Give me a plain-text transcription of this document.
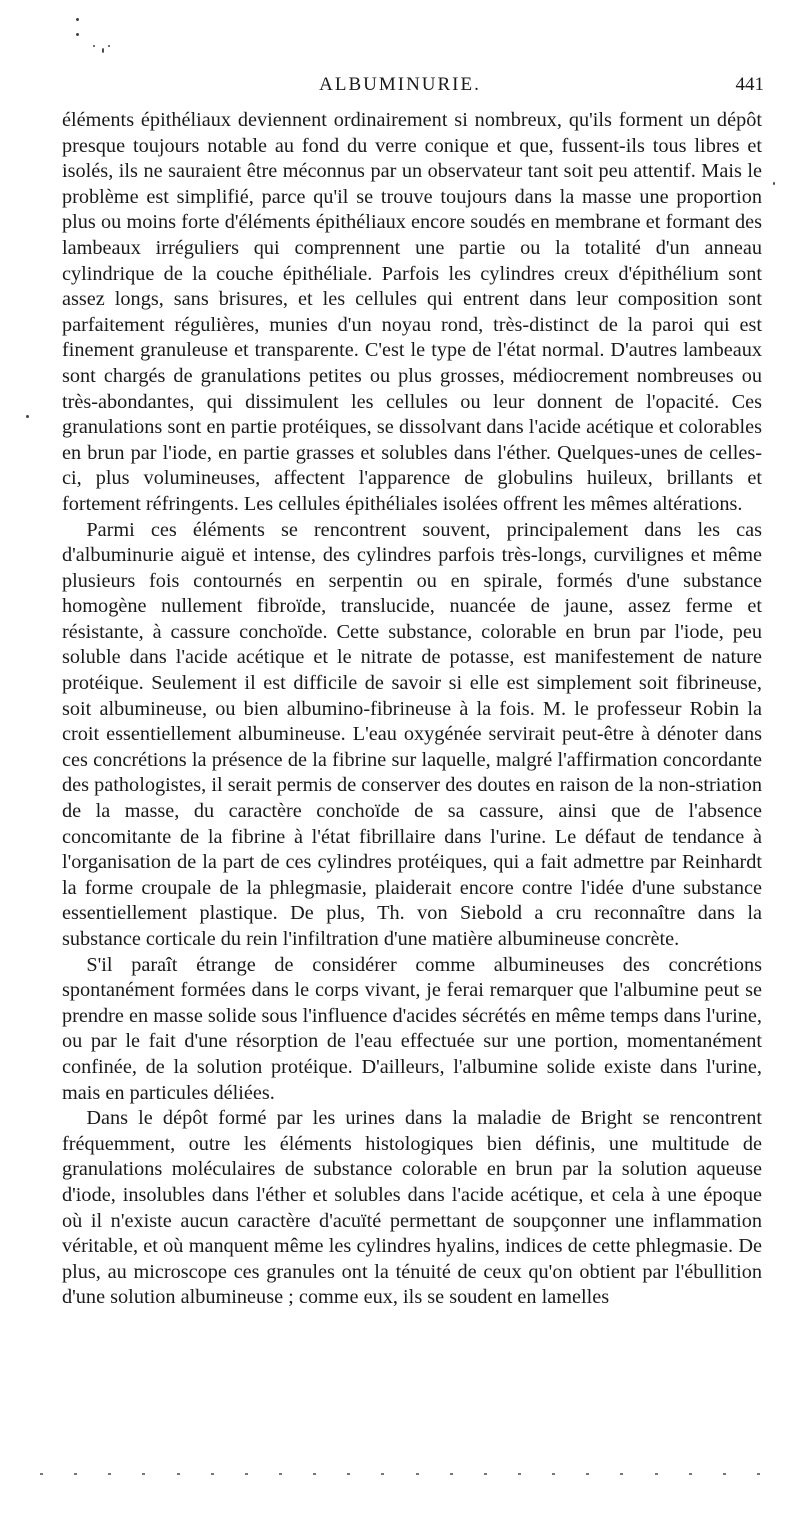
ALBUMINURIE.	441

éléments épithéliaux deviennent ordinairement si nombreux, qu'ils forment un dépôt presque toujours notable au fond du verre conique et que, fussent-ils tous libres et isolés, ils ne sauraient être méconnus par un observateur tant soit peu attentif. Mais le problème est simplifié, parce qu'il se trouve toujours dans la masse une proportion plus ou moins forte d'éléments épithéliaux encore soudés en membrane et formant des lambeaux irréguliers qui comprennent une partie ou la totalité d'un anneau cylindrique de la couche épithéliale. Parfois les cylindres creux d'épithélium sont assez longs, sans brisures, et les cellules qui entrent dans leur composition sont parfaitement régulières, munies d'un noyau rond, très-distinct de la paroi qui est finement granuleuse et transparente. C'est le type de l'état normal. D'autres lambeaux sont chargés de granulations petites ou plus grosses, médiocrement nombreuses ou très-abondantes, qui dissimulent les cellules ou leur donnent de l'opacité. Ces granulations sont en partie protéiques, se dissolvant dans l'acide acétique et colorables en brun par l'iode, en partie grasses et solubles dans l'éther. Quelques-unes de celles-ci, plus volumineuses, affectent l'apparence de globulins huileux, brillants et fortement réfringents. Les cellules épithéliales isolées offrent les mêmes altérations.

Parmi ces éléments se rencontrent souvent, principalement dans les cas d'albuminurie aiguë et intense, des cylindres parfois très-longs, curvilignes et même plusieurs fois contournés en serpentin ou en spirale, formés d'une substance homogène nullement fibroïde, translucide, nuancée de jaune, assez ferme et résistante, à cassure conchoïde. Cette substance, colorable en brun par l'iode, peu soluble dans l'acide acétique et le nitrate de potasse, est manifestement de nature protéique. Seulement il est difficile de savoir si elle est simplement soit fibrineuse, soit albumineuse, ou bien albumino-fibrineuse à la fois. M. le professeur Robin la croit essentiellement albumineuse. L'eau oxygénée servirait peut-être à dénoter dans ces concrétions la présence de la fibrine sur laquelle, malgré l'affirmation concordante des pathologistes, il serait permis de conserver des doutes en raison de la non-striation de la masse, du caractère conchoïde de sa cassure, ainsi que de l'absence concomitante de la fibrine à l'état fibrillaire dans l'urine. Le défaut de tendance à l'organisation de la part de ces cylindres protéiques, qui a fait admettre par Reinhardt la forme croupale de la phlegmasie, plaiderait encore contre l'idée d'une substance essentiellement plastique. De plus, Th. von Siebold a cru reconnaître dans la substance corticale du rein l'infiltration d'une matière albumineuse concrète.

S'il paraît étrange de considérer comme albumineuses des concrétions spontanément formées dans le corps vivant, je ferai remarquer que l'albumine peut se prendre en masse solide sous l'influence d'acides sécrétés en même temps dans l'urine, ou par le fait d'une résorption de l'eau effectuée sur une portion, momentanément confinée, de la solution protéique. D'ailleurs, l'albumine solide existe dans l'urine, mais en particules déliées.

Dans le dépôt formé par les urines dans la maladie de Bright se rencontrent fréquemment, outre les éléments histologiques bien définis, une multitude de granulations moléculaires de substance colorable en brun par la solution aqueuse d'iode, insolubles dans l'éther et solubles dans l'acide acétique, et cela à une époque où il n'existe aucun caractère d'acuïté permettant de soupçonner une inflammation véritable, et où manquent même les cylindres hyalins, indices de cette phlegmasie. De plus, au microscope ces granules ont la ténuité de ceux qu'on obtient par l'ébullition d'une solution albumineuse ; comme eux, ils se soudent en lamelles
